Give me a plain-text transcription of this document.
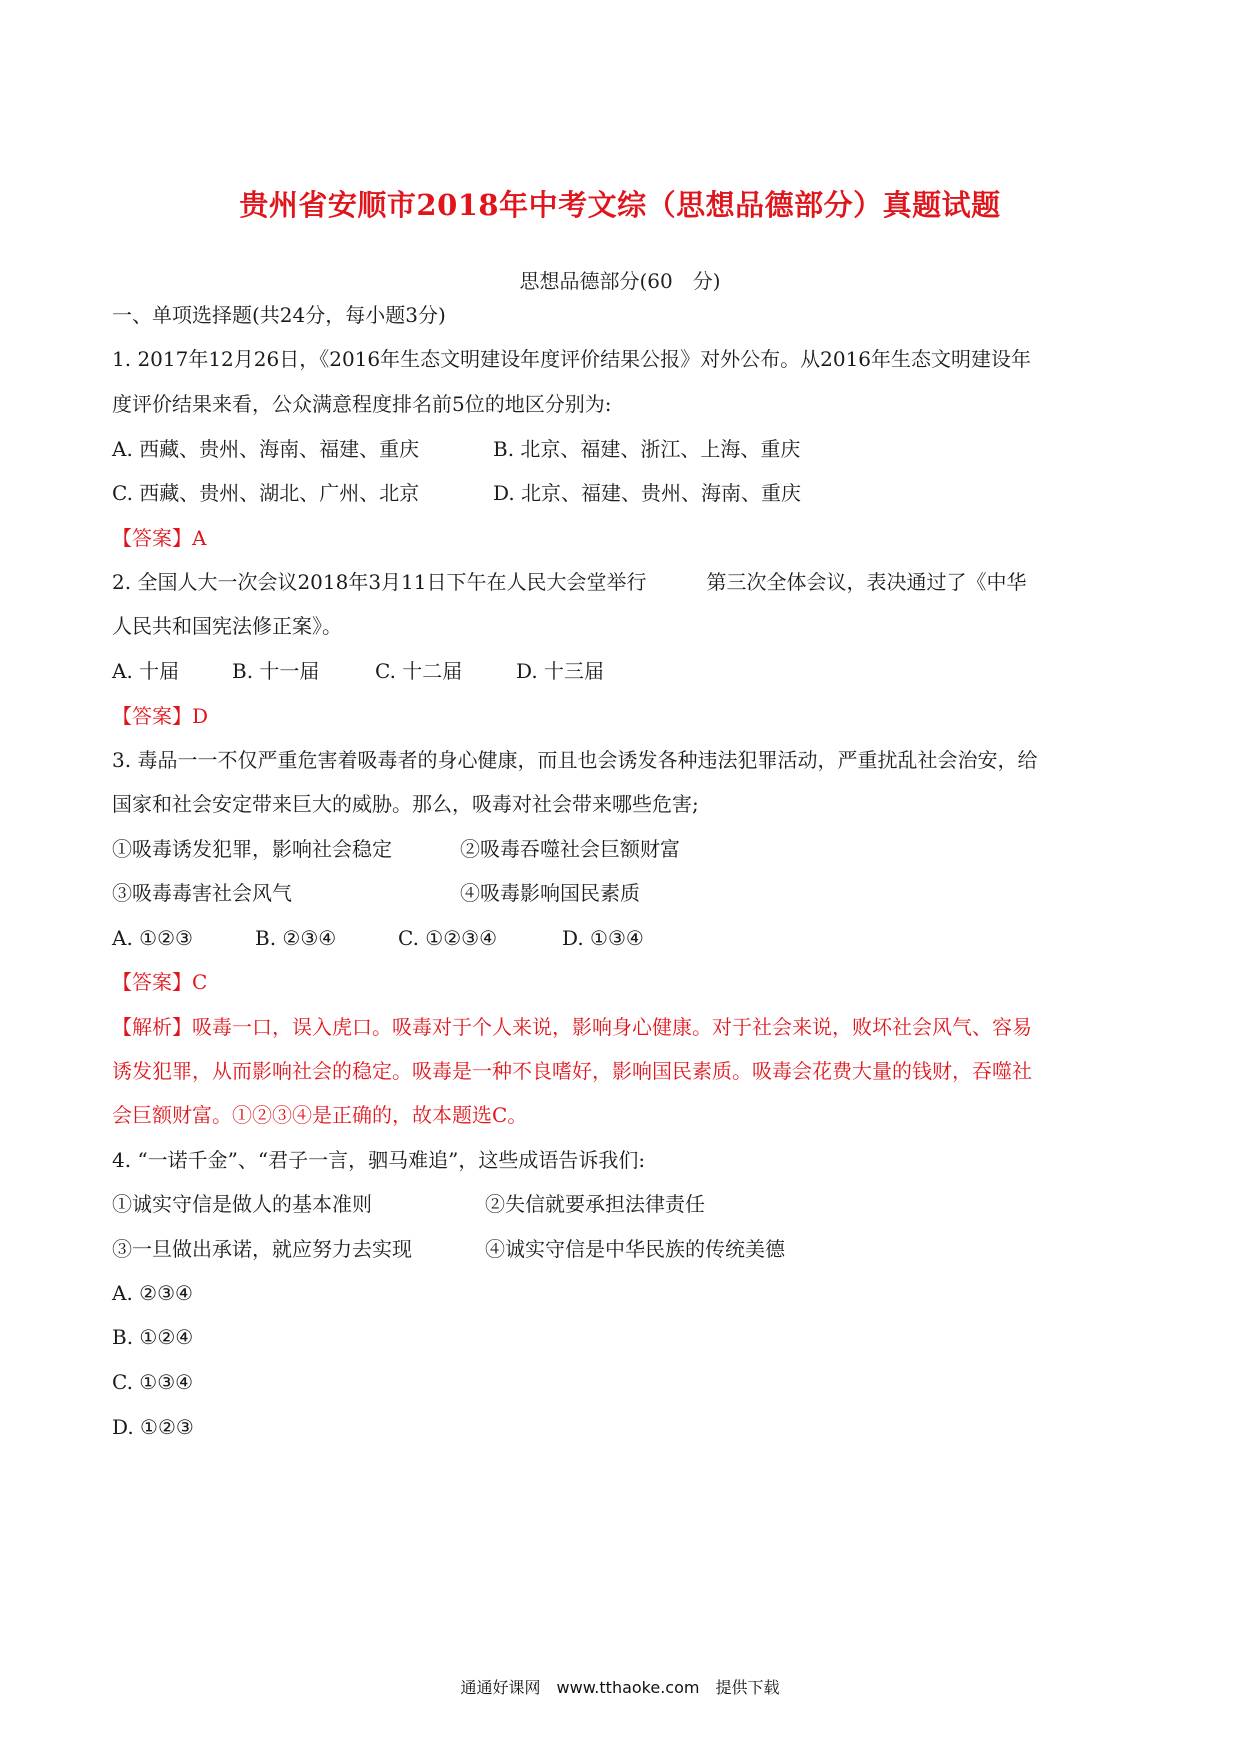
贵州省安顺市2018年中考文综（思想品德部分）真题试题
思想品德部分(60　分)
一、单项选择题(共24分，每小题3分)
1. 2017年12月26日，《2016年生态文明建设年度评价结果公报》对外公布。从2016年生态文明建设年
度评价结果来看，公众满意程度排名前5位的地区分别为:
A. 西藏、贵州、海南、福建、重庆	B. 北京、福建、浙江、上海、重庆
C. 西藏、贵州、湖北、广州、北京	D. 北京、福建、贵州、海南、重庆
【答案】A
2. 全国人大一次会议2018年3月11日下午在人民大会堂举行　　　第三次全体会议，表决通过了《中华
人民共和国宪法修正案》。
A. 十届	B. 十一届	C. 十二届	D. 十三届
【答案】D
3. 毒品一一不仅严重危害着吸毒者的身心健康，而且也会诱发各种违法犯罪活动，严重扰乱社会治安，给
国家和社会安定带来巨大的威胁。那么，吸毒对社会带来哪些危害;
①吸毒诱发犯罪，影响社会稳定	②吸毒吞噬社会巨额财富
③吸毒毒害社会风气	④吸毒影响国民素质
A. ①②③	B. ②③④	C. ①②③④	D. ①③④
【答案】C
【解析】吸毒一口，误入虎口。吸毒对于个人来说，影响身心健康。对于社会来说，败坏社会风气、容易
诱发犯罪，从而影响社会的稳定。吸毒是一种不良嗜好，影响国民素质。吸毒会花费大量的钱财，吞噬社
会巨额财富。①②③④是正确的，故本题选C。
4. “一诺千金”、“君子一言，驷马难追”，这些成语告诉我们:
①诚实守信是做人的基本准则	②失信就要承担法律责任
③一旦做出承诺，就应努力去实现	④诚实守信是中华民族的传统美德
A. ②③④
B. ①②④
C. ①③④
D. ①②③
通通好课网　www.tthaoke.com　提供下载
